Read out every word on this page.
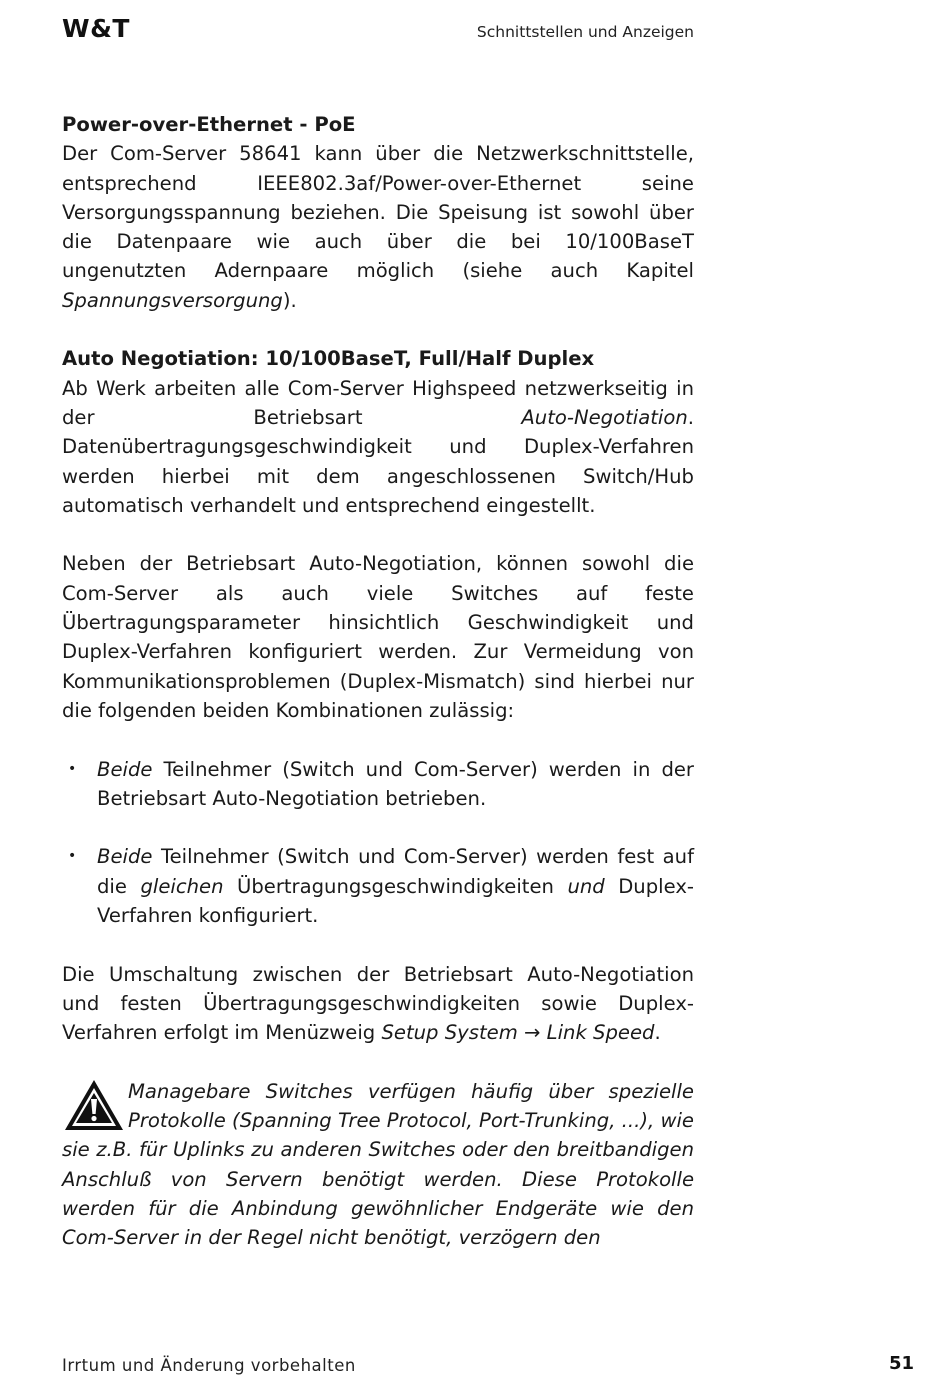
W&T	Schnittstellen und Anzeigen
Power-over-Ethernet - PoE

Der Com-Server 58641 kann über die Netzwerkschnittstelle, entsprechend IEEE802.3af/Power-over-Ethernet seine Versorgungsspannung beziehen. Die Speisung ist sowohl über die Datenpaare wie auch über die bei 10/100BaseT ungenutzten Adernpaare möglich (siehe auch Kapitel Spannungsversorgung).

Auto Negotiation: 10/100BaseT, Full/Half Duplex

Ab Werk arbeiten alle Com-Server Highspeed netzwerkseitig in der Betriebsart Auto-Negotiation. Datenübertragungsgeschwindigkeit und Duplex-Verfahren werden hierbei mit dem angeschlossenen Switch/Hub automatisch verhandelt und entsprechend eingestellt.

Neben der Betriebsart Auto-Negotiation, können sowohl die Com-Server als auch viele Switches auf feste Übertragungsparameter hinsichtlich Geschwindigkeit und Duplex-Verfahren konfiguriert werden. Zur Vermeidung von Kommunikationsproblemen (Duplex-Mismatch) sind hierbei nur die folgenden beiden Kombinationen zulässig:

• Beide Teilnehmer (Switch und Com-Server) werden in der Betriebsart Auto-Negotiation betrieben.

• Beide Teilnehmer (Switch und Com-Server) werden fest auf die gleichen Übertragungsgeschwindigkeiten und Duplex-Verfahren konfiguriert.

Die Umschaltung zwischen der Betriebsart Auto-Negotiation und festen Übertragungsgeschwindigkeiten sowie Duplex-Verfahren erfolgt im Menüzweig Setup System → Link Speed.

Managebare Switches verfügen häufig über spezielle Protokolle (Spanning Tree Protocol, Port-Trunking, ...), wie sie z.B. für Uplinks zu anderen Switches oder den breitbandigen Anschluß von Servern benötigt werden. Diese Protokolle werden für die Anbindung gewöhnlicher Endgeräte wie den Com-Server in der Regel nicht benötigt, verzögern den
Irrtum und Änderung vorbehalten	51
